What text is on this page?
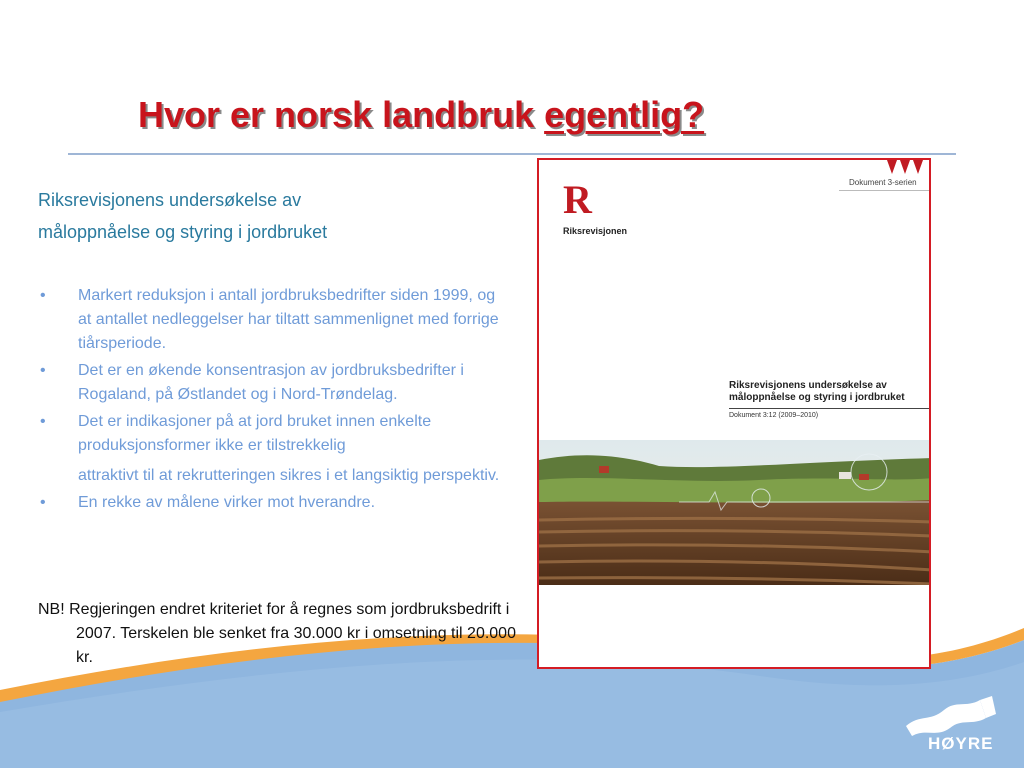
Hvor er norsk landbruk egentlig?
Riksrevisjonens undersøkelse av
måloppnåelse og styring i jordbruket
• Markert reduksjon i antall jordbruksbedrifter siden 1999, og at antallet nedleggelser har tiltatt sammenlignet med forrige tiårsperiode.
• Det er en økende konsentrasjon av jordbruksbedrifter i Rogaland, på Østlandet og i Nord-Trøndelag.
• Det er indikasjoner på at jord bruket innen enkelte produksjonsformer ikke er tilstrekkelig
attraktivt til at rekrutteringen sikres i et langsiktig perspektiv.
• En rekke av målene virker mot hverandre.
NB! Regjeringen endret kriteriet for å regnes som jordbruksbedrift i 2007. Terskelen ble senket fra 30.000 kr i omsetning til 20.000 kr.
Dokument 3-serien
R
Riksrevisjonen
Riksrevisjonens undersøkelse av måloppnåelse og styring i jordbruket
Dokument 3:12 (2009–2010)
HØYRE
